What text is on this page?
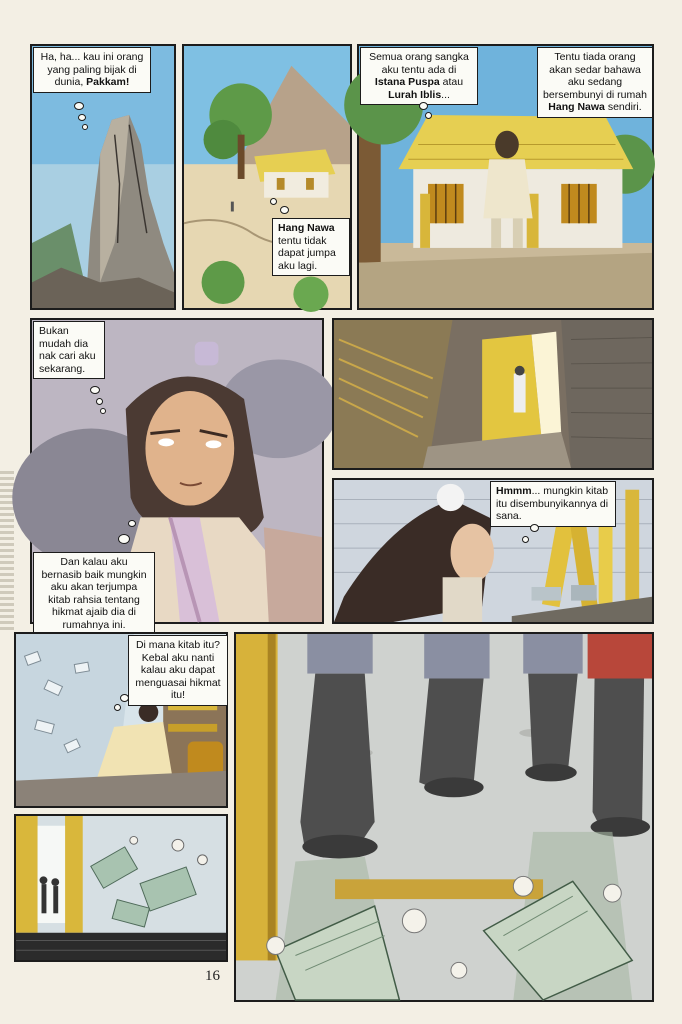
Ha, ha... kau ini orang yang paling bijak di dunia, Pakkam!
Hang Nawa tentu tidak dapat jumpa aku lagi.
Semua orang sangka aku tentu ada di Istana Puspa atau Lurah Iblis...
Tentu tiada orang akan sedar bahawa aku sedang bersembunyi di rumah Hang Nawa sendiri.
Bukan mudah dia nak cari aku sekarang.
Dan kalau aku bernasib baik mungkin aku akan terjumpa kitab rahsia tentang hikmat ajaib dia di rumahnya ini.
Hmmm... mungkin kitab itu disembunyikannya di sana.
Di mana kitab itu? Kebal aku nanti kalau aku dapat menguasai hikmat itu!
16
